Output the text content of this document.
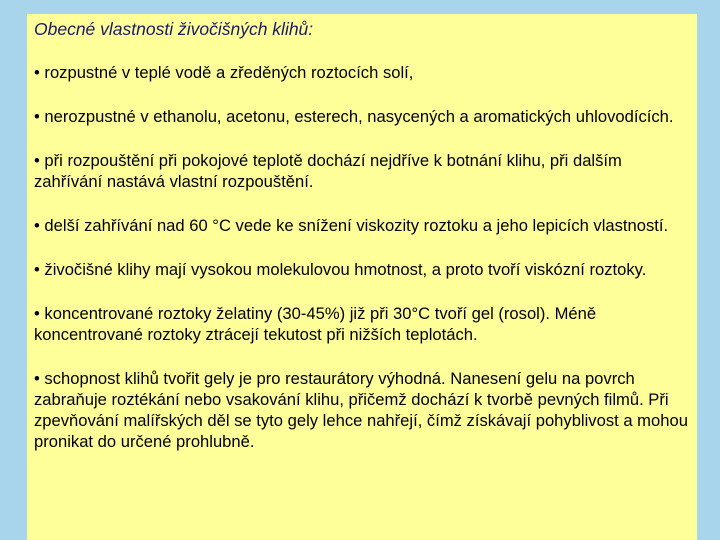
Obecné vlastnosti živočišných klihů:
• rozpustné v teplé vodě a zředěných roztocích solí,
• nerozpustné v ethanolu, acetonu, esterech, nasycených a aromatických uhlovodících.
• při rozpouštění při pokojové teplotě dochází nejdříve k botnání klihu, při dalším zahřívání nastává vlastní rozpouštění.
• delší zahřívání nad 60 °C vede ke snížení viskozity roztoku a jeho lepicích vlastností.
• živočišné klihy mají vysokou molekulovou hmotnost, a proto tvoří viskózní roztoky.
• koncentrované roztoky želatiny (30-45%) již při 30°C tvoří gel (rosol). Méně koncentrované roztoky ztrácejí tekutost při nižších teplotách.
• schopnost klihů tvořit gely je pro restaurátory výhodná. Nanesení gelu na povrch zabraňuje roztékání nebo vsakování klihu, přičemž dochází k tvorbě pevných filmů. Při zpevňování malířských děl se tyto gely lehce nahřejí, čímž získávají pohyblivost a mohou pronikat do určené prohlubně.
